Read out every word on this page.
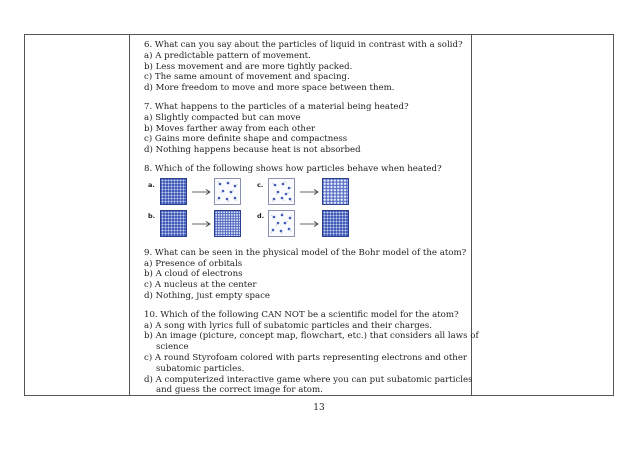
6. What can you say about the particles of liquid in contrast with a solid?

a) A predictable pattern of movement.

b) Less movement and are more tightly packed.

c) The same amount of movement and spacing.

d) More freedom to move and more space between them.

7. What happens to the particles of a material being heated?

a) Slightly compacted but can move

b) Moves farther away from each other

c) Gains more definite shape and compactness

d) Nothing happens because heat is not absorbed

8. Which of the following shows how particles behave when heated?

a.	c.
b.	d.

9. What can be seen in the physical model of the Bohr model of the atom?

a) Presence of orbitals

b) A cloud of electrons

c) A nucleus at the center

d) Nothing, just empty space

10. Which of the following CAN NOT be a scientific model for the atom?

a) A song with lyrics full of subatomic particles and their charges.

b) An image (picture, concept map, flowchart, etc.) that considers all laws of

science

c) A round Styrofoam colored with parts representing electrons and other

subatomic particles.

d) A computerized interactive game where you can put subatomic particles

and guess the correct image for atom.

13
